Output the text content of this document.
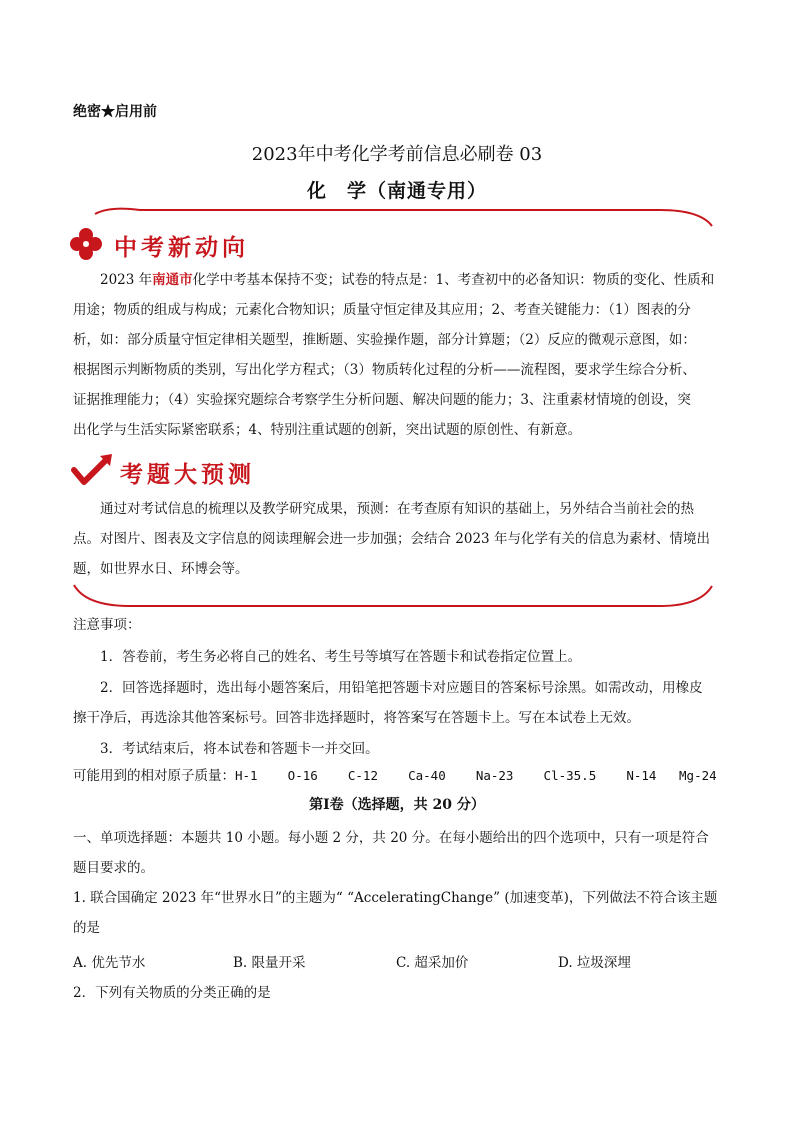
绝密★启用前
2023年中考化学考前信息必刷卷 03
化　学（南通专用）
中考新动向
2023 年南通市化学中考基本保持不变；试卷的特点是：1、考查初中的必备知识：物质的变化、性质和
用途；物质的组成与构成；元素化合物知识；质量守恒定律及其应用；2、考查关键能力：（1）图表的分
析，如：部分质量守恒定律相关题型，推断题、实验操作题，部分计算题；（2）反应的微观示意图，如：
根据图示判断物质的类别，写出化学方程式；（3）物质转化过程的分析——流程图，要求学生综合分析、
证据推理能力；（4）实验探究题综合考察学生分析问题、解决问题的能力；3、注重素材情境的创设，突
出化学与生活实际紧密联系；4、特别注重试题的创新，突出试题的原创性、有新意。
考题大预测
通过对考试信息的梳理以及教学研究成果，预测：在考查原有知识的基础上，另外结合当前社会的热
点。对图片、图表及文字信息的阅读理解会进一步加强；会结合 2023 年与化学有关的信息为素材、情境出
题，如世界水日、环博会等。
注意事项：
1．答卷前，考生务必将自己的姓名、考生号等填写在答题卡和试卷指定位置上。
2．回答选择题时，选出每小题答案后，用铅笔把答题卡对应题目的答案标号涂黑。如需改动，用橡皮
擦干净后，再选涂其他答案标号。回答非选择题时，将答案写在答题卡上。写在本试卷上无效。
3．考试结束后，将本试卷和答题卡一并交回。
可能用到的相对原子质量：H-1    O-16    C-12    Ca-40    Na-23    Cl-35.5    N-14   Mg-24
第Ⅰ卷（选择题，共 20 分）
一、单项选择题：本题共 10 小题。每小题 2 分，共 20 分。在每小题给出的四个选项中，只有一项是符合
题目要求的。
1. 联合国确定 2023 年“世界水日”的主题为“ “AcceleratingChange” (加速变革)，下列做法不符合该主题
的是
A. 优先节水	B. 限量开采	C. 超采加价	D. 垃圾深埋
2．下列有关物质的分类正确的是
